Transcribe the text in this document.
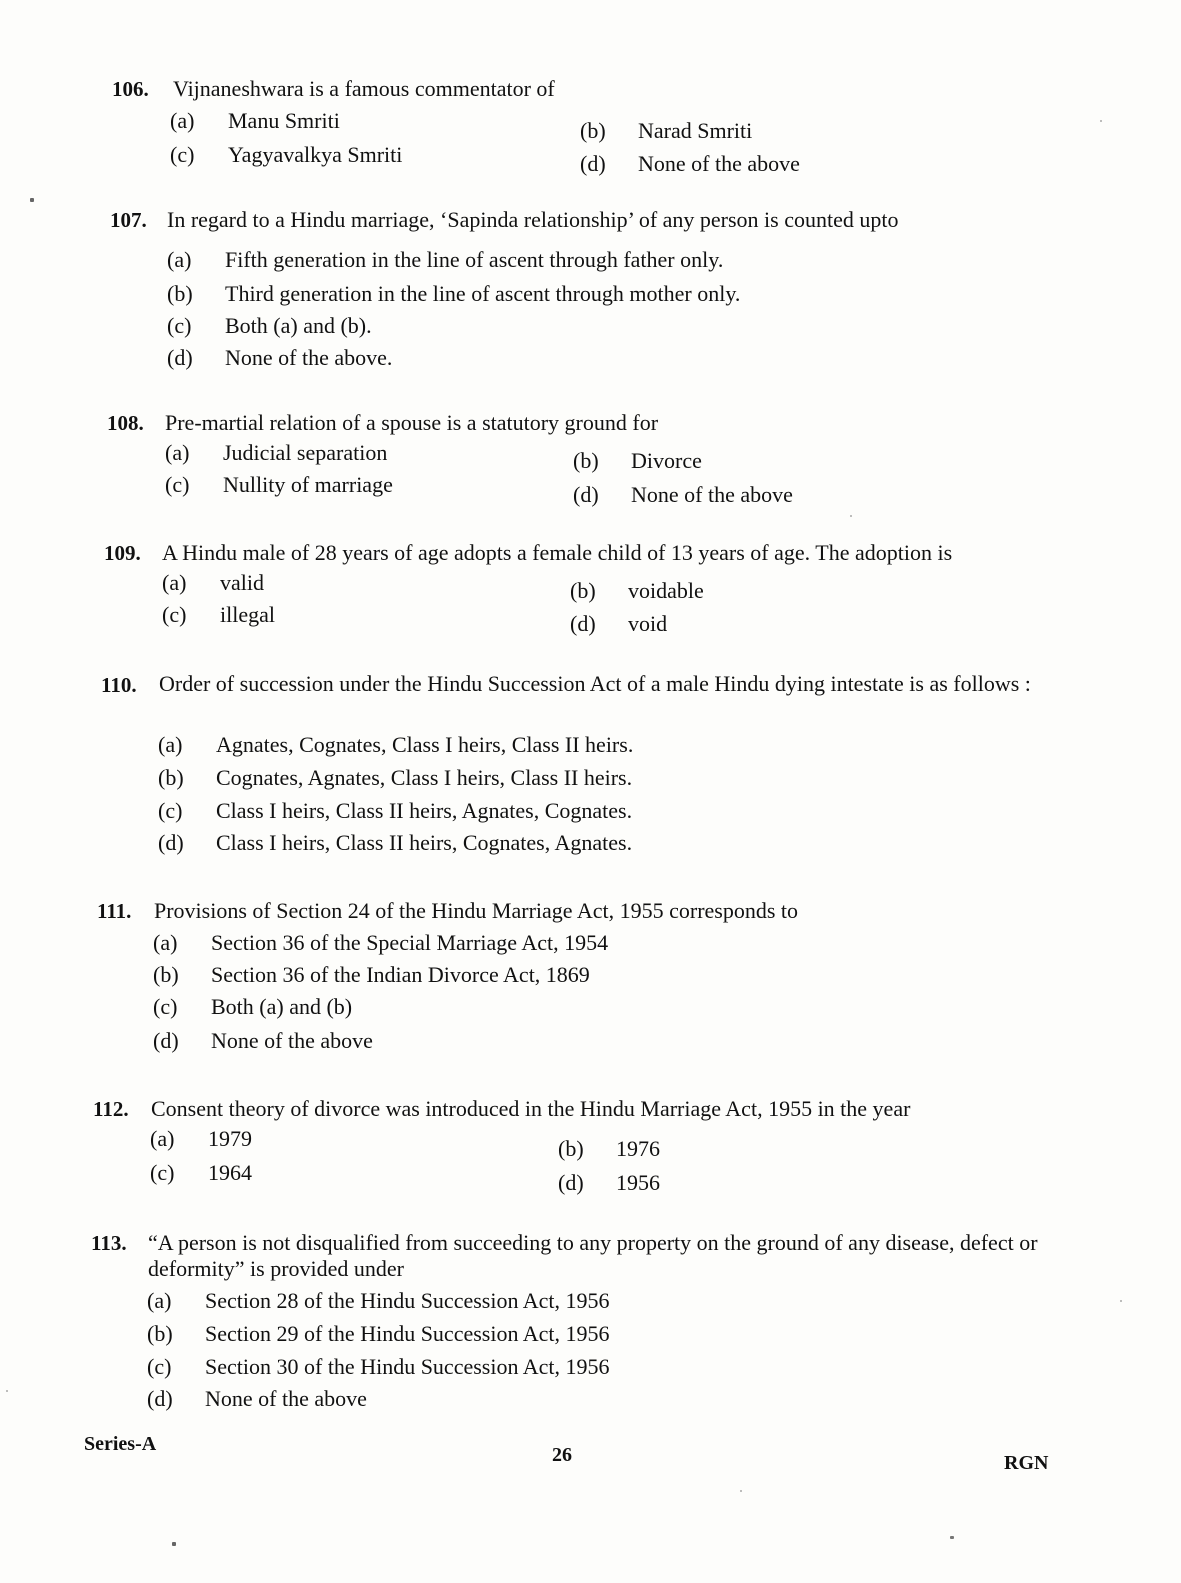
106. Vijnaneshwara is a famous commentator of
(a) Manu Smriti	(b) Narad Smriti
(c) Yagyavalkya Smriti	(d) None of the above
107. In regard to a Hindu marriage, ‘Sapinda relationship’ of any person is counted upto
(a) Fifth generation in the line of ascent through father only.
(b) Third generation in the line of ascent through mother only.
(c) Both (a) and (b).
(d) None of the above.
108. Pre-martial relation of a spouse is a statutory ground for
(a) Judicial separation	(b) Divorce
(c) Nullity of marriage	(d) None of the above
109. A Hindu male of 28 years of age adopts a female child of 13 years of age. The adoption is
(a) valid	(b) voidable
(c) illegal	(d) void
110. Order of succession under the Hindu Succession Act of a male Hindu dying intestate is as follows :
(a) Agnates, Cognates, Class I heirs, Class II heirs.
(b) Cognates, Agnates, Class I heirs, Class II heirs.
(c) Class I heirs, Class II heirs, Agnates, Cognates.
(d) Class I heirs, Class II heirs, Cognates, Agnates.
111. Provisions of Section 24 of the Hindu Marriage Act, 1955 corresponds to
(a) Section 36 of the Special Marriage Act, 1954
(b) Section 36 of the Indian Divorce Act, 1869
(c) Both (a) and (b)
(d) None of the above
112. Consent theory of divorce was introduced in the Hindu Marriage Act, 1955 in the year
(a) 1979	(b) 1976
(c) 1964	(d) 1956
113. “A person is not disqualified from succeeding to any property on the ground of any disease, defect or deformity” is provided under
(a) Section 28 of the Hindu Succession Act, 1956
(b) Section 29 of the Hindu Succession Act, 1956
(c) Section 30 of the Hindu Succession Act, 1956
(d) None of the above
Series-A	26	RGN
